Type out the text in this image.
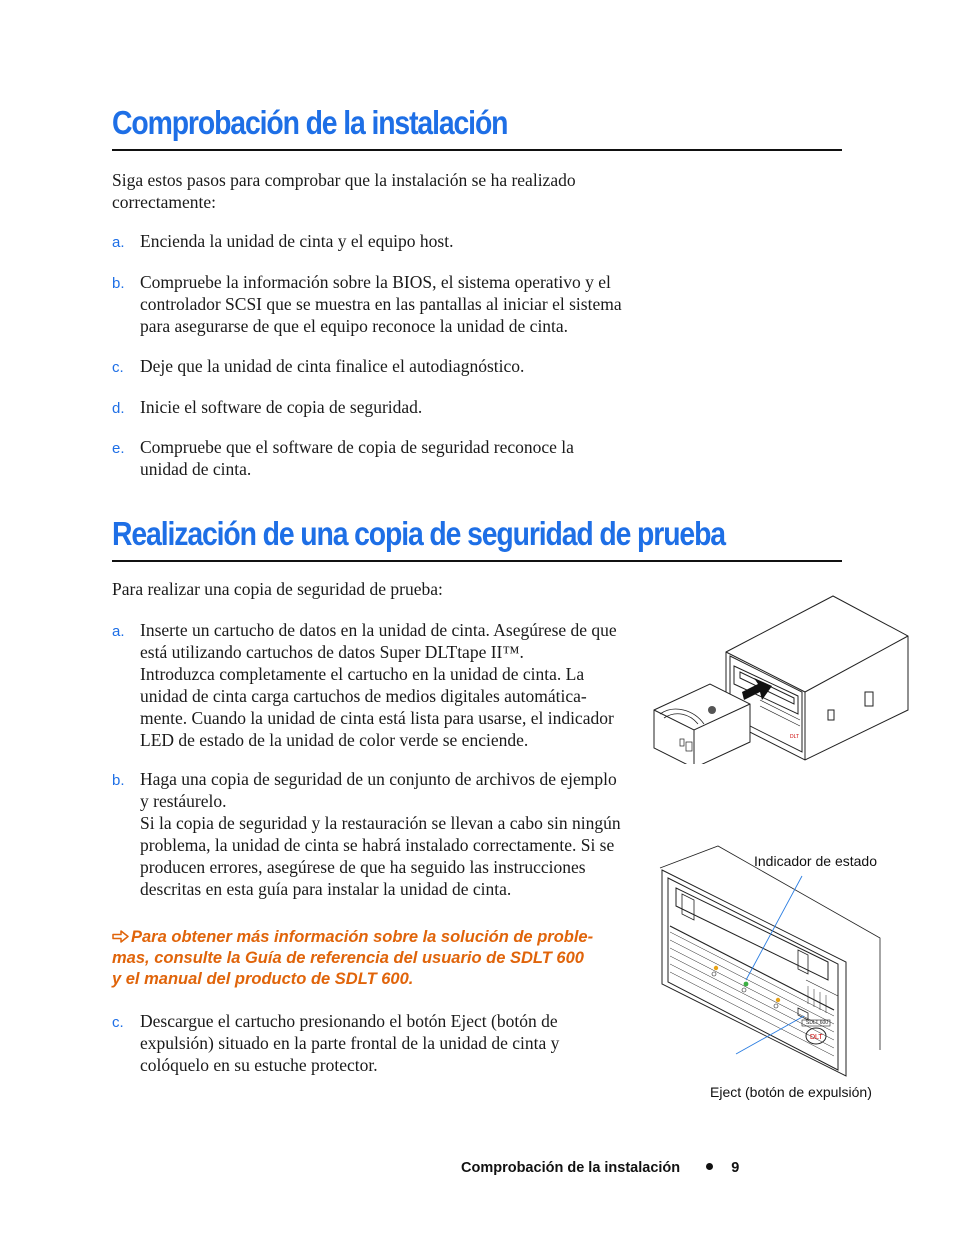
Comprobación de la instalación
Siga estos pasos para comprobar que la instalación se ha realizado
correctamente:
a. Encienda la unidad de cinta y el equipo host.
b. Compruebe la información sobre la BIOS, el sistema operativo y el
controlador SCSI que se muestra en las pantallas al iniciar el sistema
para asegurarse de que el equipo reconoce la unidad de cinta.
c. Deje que la unidad de cinta finalice el autodiagnóstico.
d. Inicie el software de copia de seguridad.
e. Compruebe que el software de copia de seguridad reconoce la
unidad de cinta.
Realización de una copia de seguridad de prueba
Para realizar una copia de seguridad de prueba:
a. Inserte un cartucho de datos en la unidad de cinta. Asegúrese de que
está utilizando cartuchos de datos Super DLTtape II™.
Introduzca completamente el cartucho en la unidad de cinta. La
unidad de cinta carga cartuchos de medios digitales automática-
mente. Cuando la unidad de cinta está lista para usarse, el indicador
LED de estado de la unidad de color verde se enciende.
b. Haga una copia de seguridad de un conjunto de archivos de ejemplo
y restáurelo.
Si la copia de seguridad y la restauración se llevan a cabo sin ningún
problema, la unidad de cinta se habrá instalado correctamente. Si se
producen errores, asegúrese de que ha seguido las instrucciones
descritas en esta guía para instalar la unidad de cinta.
c. Descargue el cartucho presionando el botón Eject (botón de
expulsión) situado en la parte frontal de la unidad de cinta y
colóquelo en su estuche protector.
Para obtener más información sobre la solución de proble-
mas, consulte la Guía de referencia del usuario de SDLT 600
y el manual del producto de SDLT 600.
DLT
SDLT 600
DLT
Indicador de estado
Eject (botón de expulsión)
Comprobación de la instalación	9
